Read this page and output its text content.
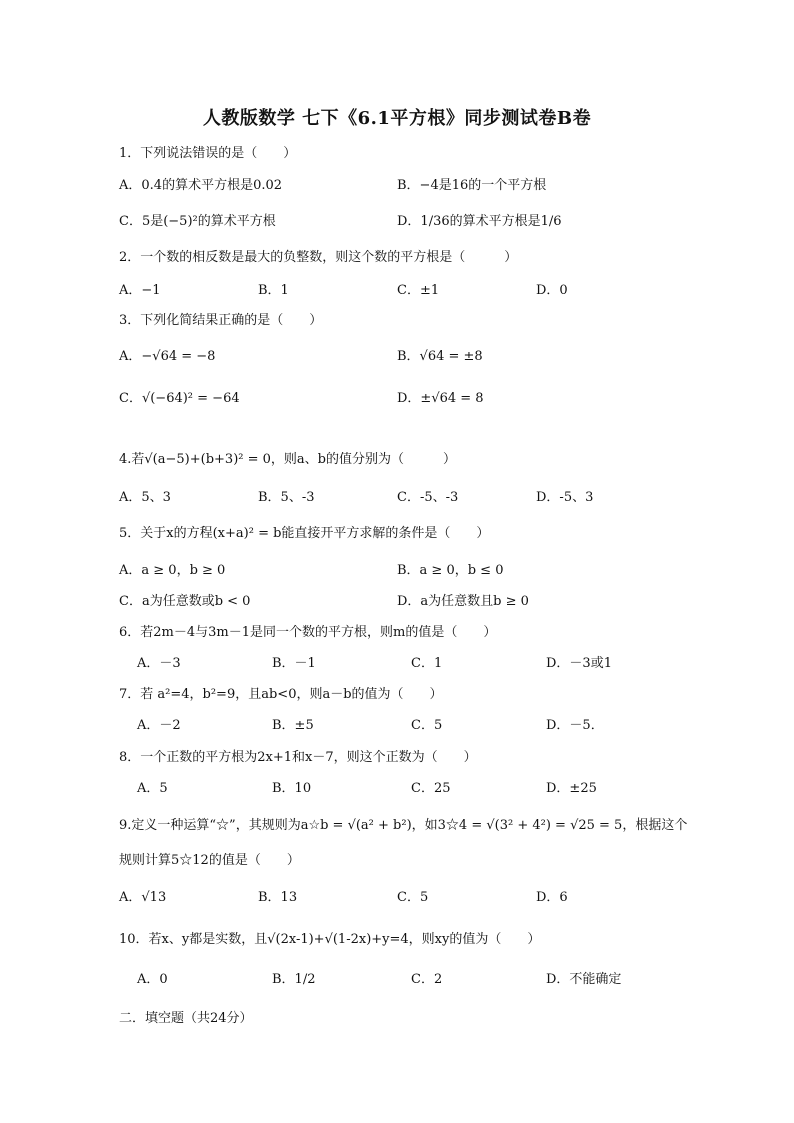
人教版数学 七下《6.1平方根》同步测试卷B卷
1．下列说法错误的是（　　）
A．0.4的算术平方根是0.02	B．−4是16的一个平方根
C．5是(−5)²的算术平方根	D．1/36的算术平方根是1/6
2．一个数的相反数是最大的负整数，则这个数的平方根是（　　　）
A．−1	B．1	C．±1	D．0
3．下列化简结果正确的是（　　）
A．−√64 = −8	B．√64 = ±8
C．√(−64)² = −64	D．±√64 = 8
4.若√(a−5)+(b+3)² = 0，则a、b的值分别为（　　　）
A．5、3	B．5、-3	C．-5、-3	D．-5、3
5．关于x的方程(x+a)² = b能直接开平方求解的条件是（　　）
A．a ≥ 0，b ≥ 0	B．a ≥ 0，b ≤ 0
C．a为任意数或b < 0	D．a为任意数且b ≥ 0
6．若2m－4与3m－1是同一个数的平方根，则m的值是（　　）
A．－3	B．－1	C．1	D．－3或1
7．若 a²=4，b²=9，且ab<0，则a－b的值为（　　）
A．－2	B．±5	C．5	D．－5．
8．一个正数的平方根为2x+1和x－7，则这个正数为（　　）
A．5	B．10	C．25	D．±25
9.定义一种运算“☆”，其规则为a☆b = √(a² + b²)，如3☆4 = √(3² + 4²) = √25 = 5，根据这个
规则计算5☆12的值是（　　）
A．√13	B．13	C．5	D．6
10．若x、y都是实数，且√(2x-1)+√(1-2x)+y=4，则xy的值为（　　）
A．0	B．1/2	C．2	D．不能确定
二．填空题（共24分）
